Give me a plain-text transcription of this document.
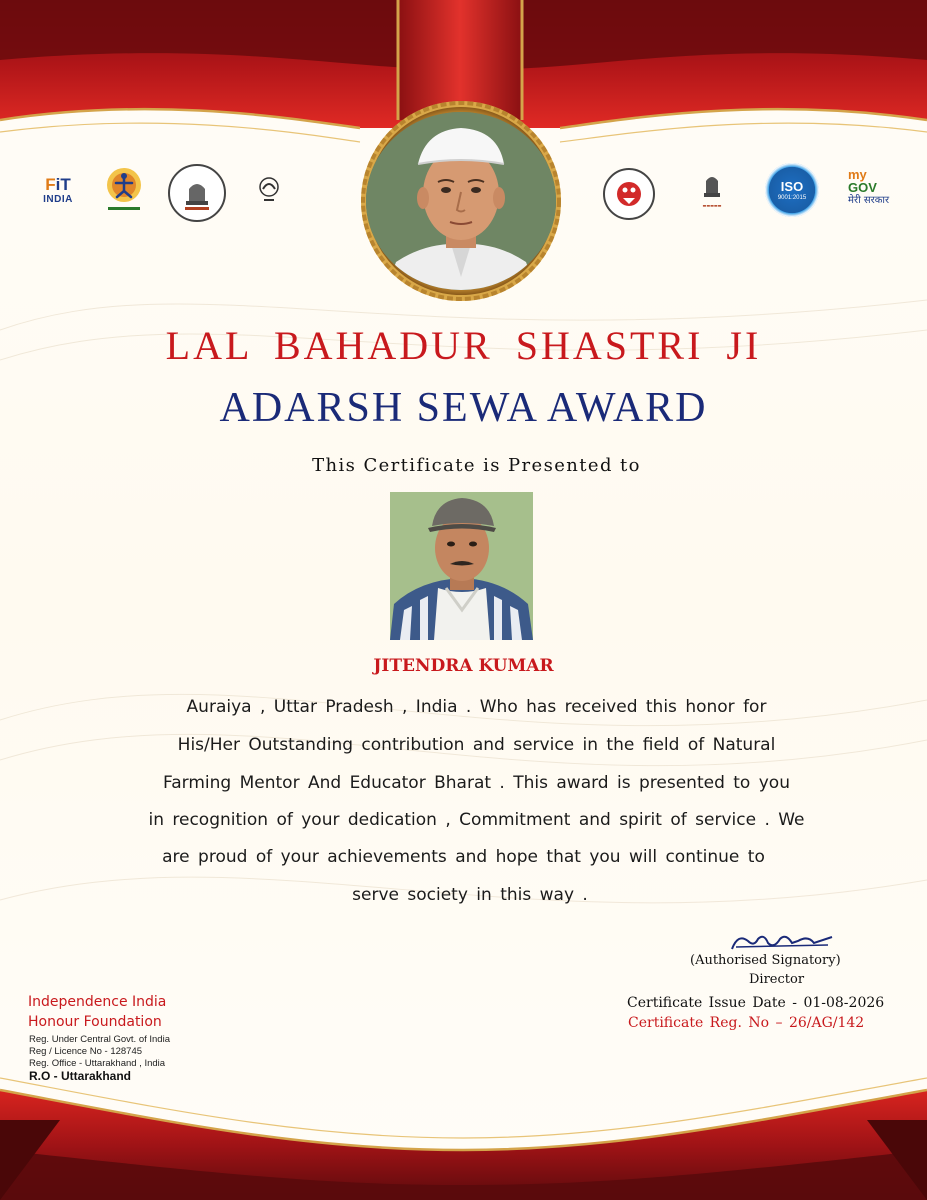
FiT
INDIA
▬▬▬▬▬
ISO
9001:2015
my
GOV
मेरी सरकार
LAL BAHADUR SHASTRI JI
ADARSH SEWA AWARD
This Certificate is Presented to
JITENDRA KUMAR
Auraiya , Uttar Pradesh , India . Who has received this honor for
His/Her Outstanding contribution and service in the field of Natural
Farming Mentor And Educator Bharat . This award is presented to you
in recognition of your dedication , Commitment and spirit of service . We
are proud of your achievements and hope that you will continue to
serve society in this way .
(Authorised Signatory)
Director
Certificate Issue Date - 01-08-2026
Certificate Reg. No – 26/AG/142
Independence India
Honour Foundation
Reg. Under Central Govt. of India
Reg / Licence No - 128745
Reg. Office - Uttarakhand , India
R.O - Uttarakhand
